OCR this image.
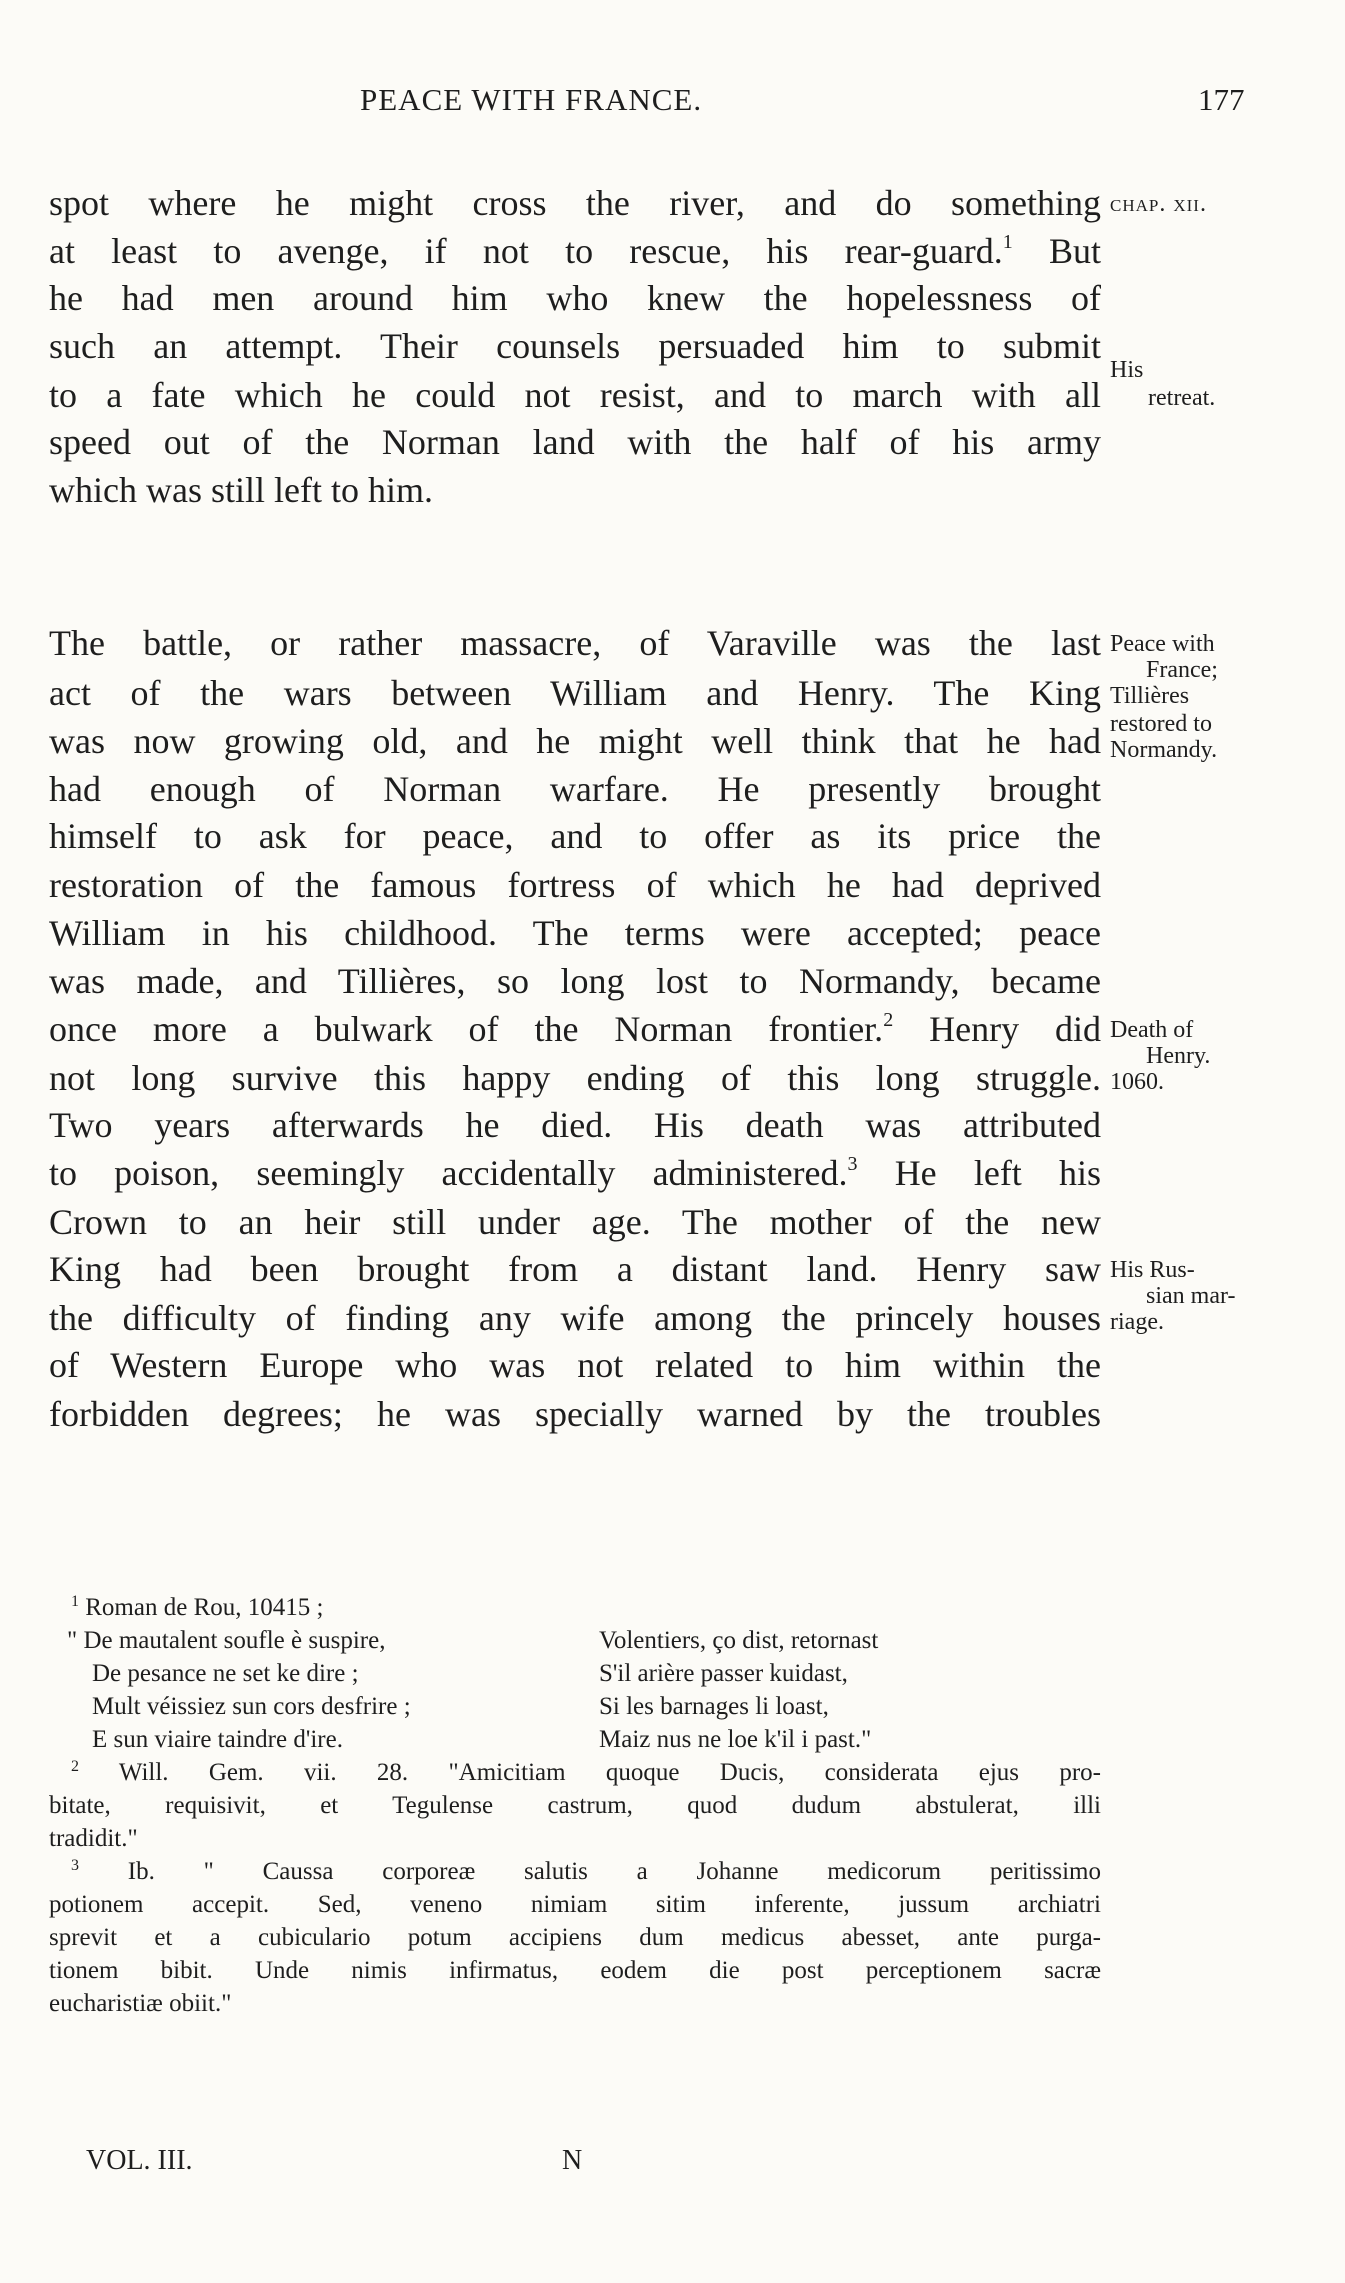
PEACE WITH FRANCE.	177
spot where he might cross the river, and do something
at least to avenge, if not to rescue, his rear-guard.$^1$ But
he had men around him who knew the hopelessness of
such an attempt. Their counsels persuaded him to submit
to a fate which he could not resist, and to march with all
speed out of the Norman land with the half of his army
which was still left to him.
The battle, or rather massacre, of Varaville was the last
act of the wars between William and Henry. The King
was now growing old, and he might well think that he had
had enough of Norman warfare. He presently brought
himself to ask for peace, and to offer as its price the
restoration of the famous fortress of which he had deprived
William in his childhood. The terms were accepted; peace
was made, and Tillières, so long lost to Normandy, became
once more a bulwark of the Norman frontier.$^2$ Henry did
not long survive this happy ending of this long struggle.
Two years afterwards he died. His death was attributed
to poison, seemingly accidentally administered.$^3$ He left his
Crown to an heir still under age. The mother of the new
King had been brought from a distant land. Henry saw
the difficulty of finding any wife among the princely houses
of Western Europe who was not related to him within the
forbidden degrees; he was specially warned by the troubles
chap. xii.
His
retreat.
Peace with
France;
Tillières
restored to
Normandy.
Death of
Henry.
1060.
His Rus-
sian mar-
riage.
$^1$ Roman de Rou, 10415 ;
" De mautalent soufle è suspire,
De pesance ne set ke dire ;
Mult véissiez sun cors desfrire ;
E sun viaire taindre d'ire.
Volentiers, ço dist, retornast
S'il arière passer kuidast,
Si les barnages li loast,
Maiz nus ne loe k'il i past."
$^2$ Will. Gem. vii. 28. "Amicitiam quoque Ducis, considerata ejus pro-
bitate, requisivit, et Tegulense castrum, quod dudum abstulerat, illi
tradidit."
$^3$ Ib. " Caussa corporeæ salutis a Johanne medicorum peritissimo
potionem accepit. Sed, veneno nimiam sitim inferente, jussum archiatri
sprevit et a cubiculario potum accipiens dum medicus abesset, ante purga-
tionem bibit. Unde nimis infirmatus, eodem die post perceptionem sacræ
eucharistiæ obiit."
VOL. III.	N
